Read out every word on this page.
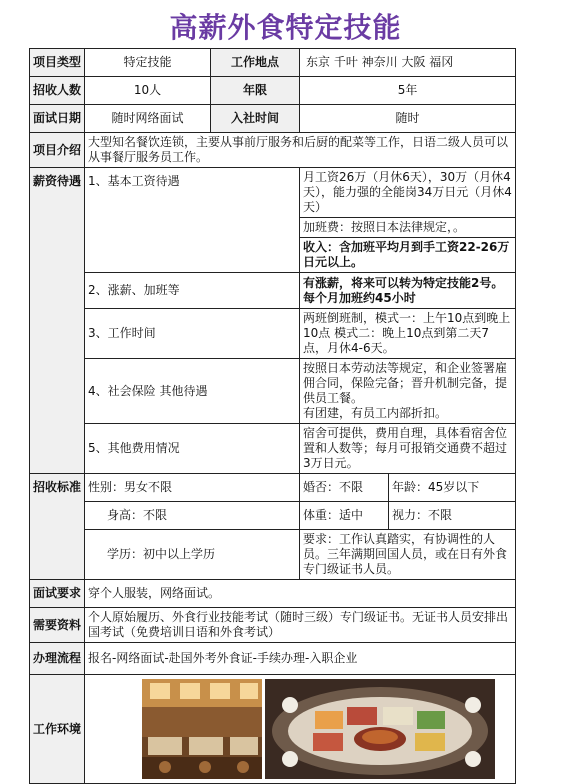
高薪外食特定技能
项目类型	特定技能	工作地点	东京 千叶 神奈川 大阪 福冈	
招收人数	10人	年限	5年	
面试日期	随时网络面试	入社时间	随时	
项目介绍	大型知名餐饮连锁，主要从事前厅服务和后厨的配菜等工作，日语二级人员可以从事餐厅服务员工作。			
薪资待遇	1、基本工资待遇		月工资26万（月休6天），30万（月休4天），能力强的全能岗34万日元（月休4天）	
			加班费：按照日本法律规定，。	
			收入：含加班平均月到手工资22-26万日元以上。	
	2、涨薪、加班等		有涨薪，将来可以转为特定技能2号。
每个月加班约45小时	

	3、工作时间		两班倒班制，模式一：上午10点到晚上10点 模式二：晚上10点到第二天7点，月休4-6天。	
	4、社会保险 其他待遇		按照日本劳动法等规定，和企业签署雇佣合同，保险完备；晋升机制完备，提供员工餐。
有团建，有员工内部折扣。	

	5、其他费用情况		宿舍可提供，费用自理，具体看宿舍位置和人数等；每月可报销交通费不超过3万日元。	
招收标准	性别：男女不限		婚否：不限	年龄：45岁以下
	身高：不限		体重：适中	视力：不限
	学历：初中以上学历		要求：工作认真踏实，有协调性的人员。三年满期回国人员，或在日有外食专门级证书人员。	
面试要求	穿个人服装，网络面试。			
需要资料	个人原始履历、外食行业技能考试（随时三级）专门级证书。无证书人员安排出国考试（免费培训日语和外食考试）			
办理流程	报名-网络面试-赴国外考外食证-手续办理-入职企业			
工作环境	
